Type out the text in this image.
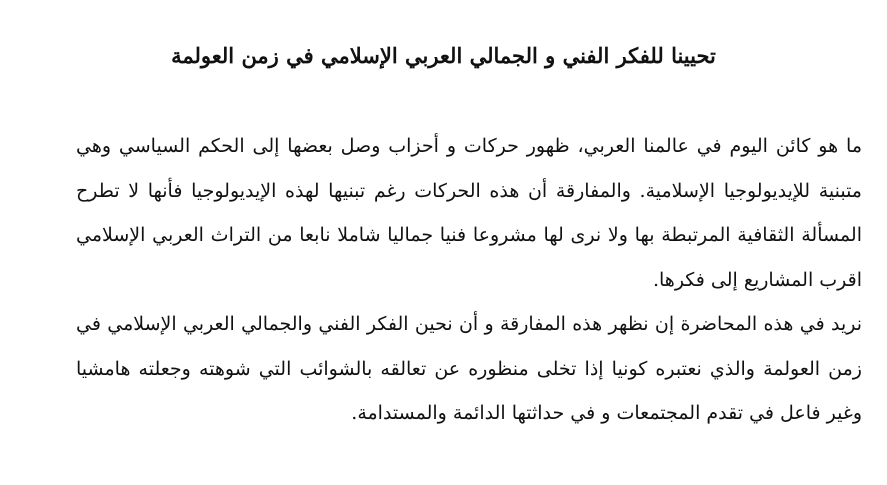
تحيينا للفكر الفني و الجمالي العربي الإسلامي في زمن العولمة

ما هو كائن اليوم في عالمنا العربي، ظهور حركات و أحزاب وصل بعضها إلى الحكم السياسي وهي متبنية للإيديولوجيا الإسلامية. والمفارقة أن هذه الحركات رغم تبنيها لهذه الإيديولوجيا فأنها لا تطرح المسألة الثقافية المرتبطة بها ولا نرى لها مشروعا فنيا جماليا شاملا نابعا من التراث العربي الإسلامي اقرب المشاريع إلى فكرها.

نريد في هذه المحاضرة إن نظهر هذه المفارقة و أن نحين الفكر الفني والجمالي العربي الإسلامي في زمن العولمة والذي نعتبره كونيا إذا تخلى منظوره عن تعالقه بالشوائب التي شوهته وجعلته هامشيا وغير فاعل في تقدم المجتمعات و في حداثتها الدائمة والمستدامة.
